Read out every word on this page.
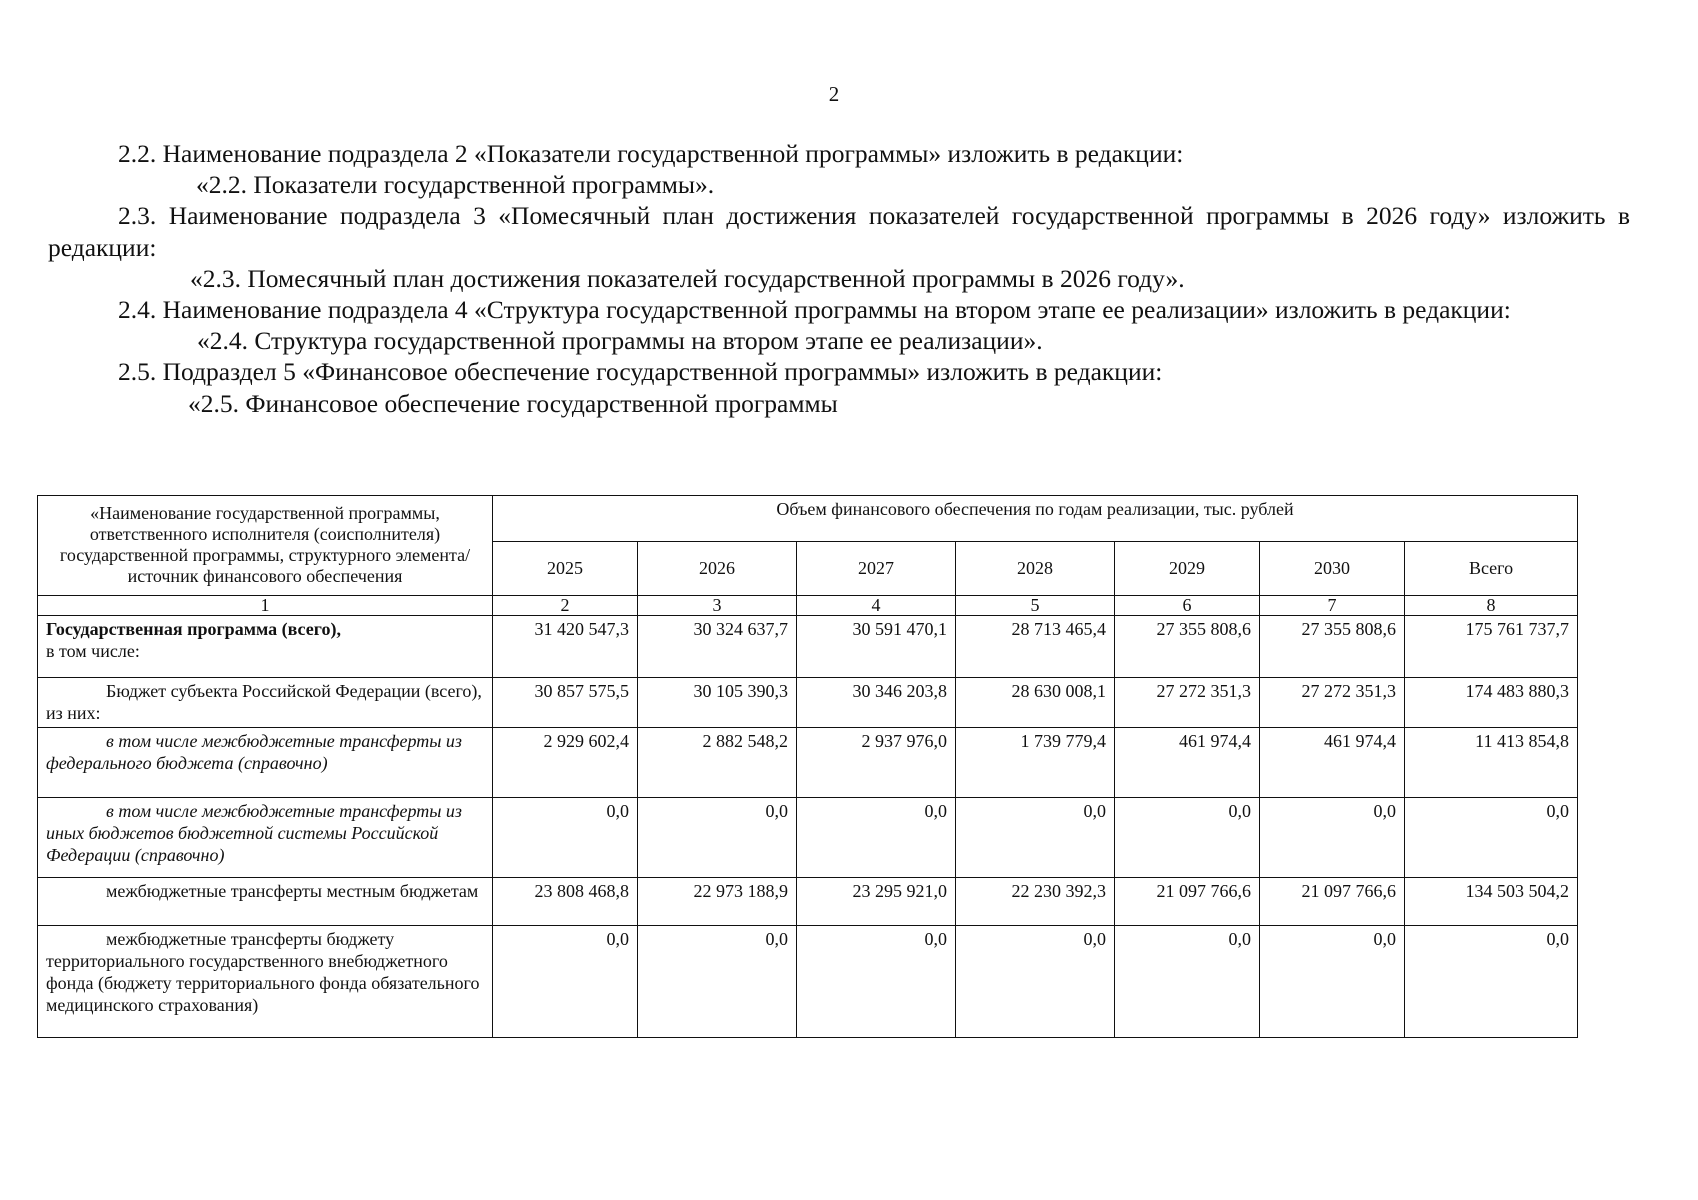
2

2.2. Наименование подраздела 2 «Показатели государственной программы» изложить в редакции:

«2.2. Показатели государственной программы».

2.3. Наименование подраздела 3 «Помесячный план достижения показателей государственной программы в 2026 году» изложить в редакции:

«2.3. Помесячный план достижения показателей государственной программы в 2026 году».

2.4. Наименование подраздела 4 «Структура государственной программы на втором этапе ее реализации» изложить в редакции:

«2.4. Структура государственной программы на втором этапе ее реализации».

2.5. Подраздел 5 «Финансовое обеспечение государственной программы» изложить в редакции:

«2.5. Финансовое обеспечение государственной программы

«Наименование государственной программы, ответственного исполнителя (соисполнителя) государственной программы, структурного элемента/источник финансового обеспечения	Объем финансового обеспечения по годам реализации, тыс. рублей						
	2025	2026	2027	2028	2029	2030	Всего
1	2	3	4	5	6	7	8

Государственная программа (всего),
в том числе:	31 420 547,3	30 324 637,7	30 591 470,1	28 713 465,4	27 355 808,6	27 355 808,6	175 761 737,7
Бюджет субъекта Российской Федерации (всего), из них:	30 857 575,5	30 105 390,3	30 346 203,8	28 630 008,1	27 272 351,3	27 272 351,3	174 483 880,3
в том числе межбюджетные трансферты из федерального бюджета (справочно)	2 929 602,4	2 882 548,2	2 937 976,0	1 739 779,4	461 974,4	461 974,4	11 413 854,8
в том числе межбюджетные трансферты из иных бюджетов бюджетной системы Российской Федерации (справочно)	0,0	0,0	0,0	0,0	0,0	0,0	0,0
межбюджетные трансферты местным бюджетам	23 808 468,8	22 973 188,9	23 295 921,0	22 230 392,3	21 097 766,6	21 097 766,6	134 503 504,2
межбюджетные трансферты бюджету территориального государственного внебюджетного фонда (бюджету территориального фонда обязательного медицинского страхования)	0,0	0,0	0,0	0,0	0,0	0,0	0,0
